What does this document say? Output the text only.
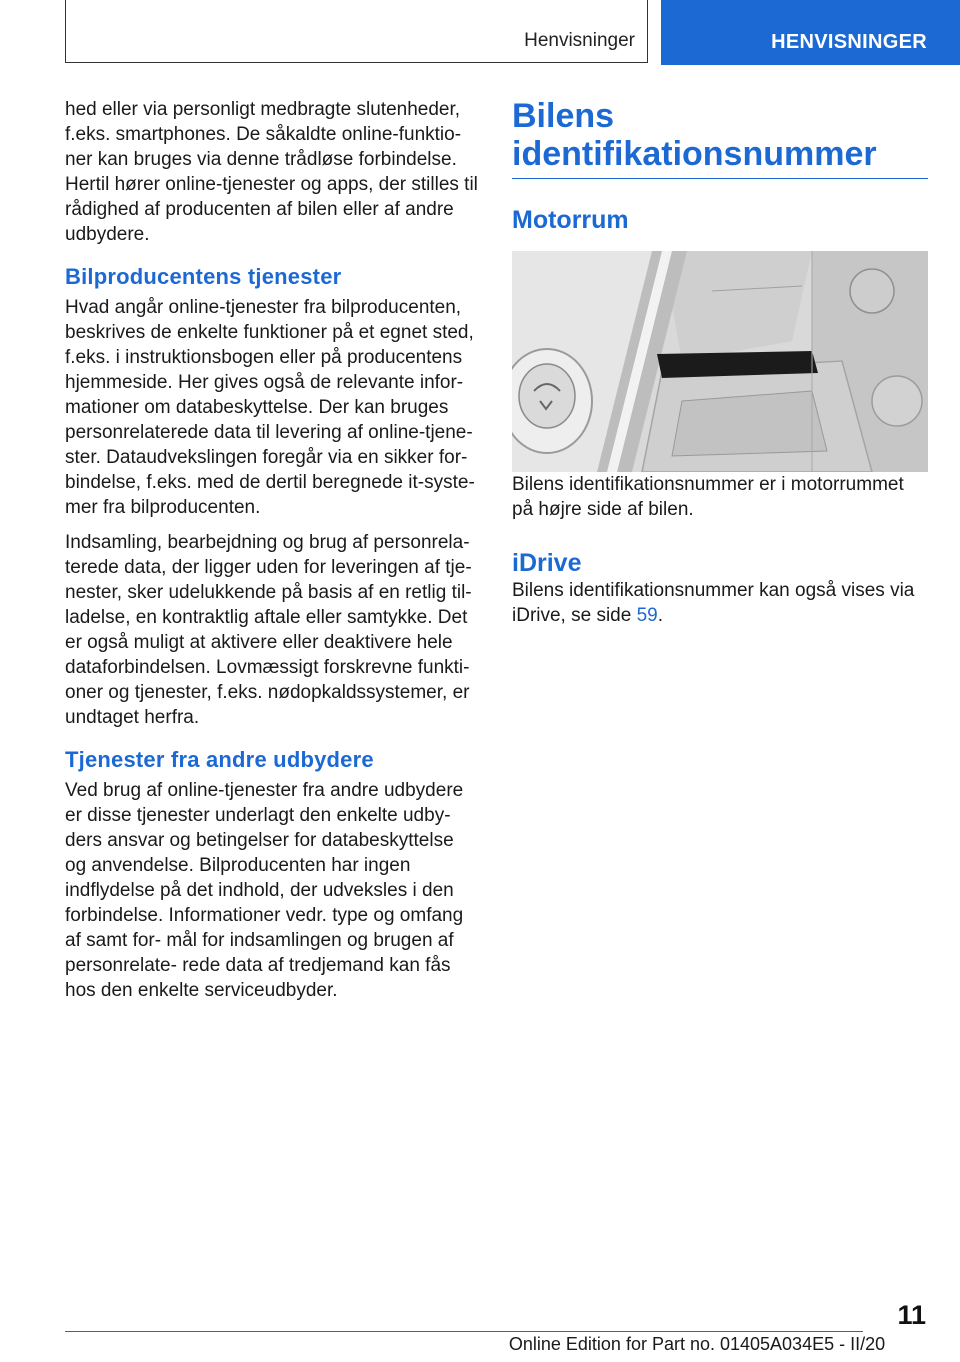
Henvisninger	HENVISNINGER

hed eller via personligt medbragte slutenheder, f.eks. smartphones. De såkaldte online-funktio- ner kan bruges via denne trådløse forbindelse. Hertil hører online-tjenester og apps, der stilles til rådighed af producenten af bilen eller af andre udbydere.

Bilproducentens tjenester

Hvad angår online-tjenester fra bilproducenten, beskrives de enkelte funktioner på et egnet sted, f.eks. i instruktionsbogen eller på producentens hjemmeside. Her gives også de relevante infor- mationer om databeskyttelse. Der kan bruges personrelaterede data til levering af online-tjene- ster. Dataudvekslingen foregår via en sikker for- bindelse, f.eks. med de dertil beregnede it-syste- mer fra bilproducenten.

Indsamling, bearbejdning og brug af personrela- terede data, der ligger uden for leveringen af tje- nester, sker udelukkende på basis af en retlig til- ladelse, en kontraktlig aftale eller samtykke. Det er også muligt at aktivere eller deaktivere hele dataforbindelsen. Lovmæssigt forskrevne funkti- oner og tjenester, f.eks. nødopkaldssystemer, er undtaget herfra.

Tjenester fra andre udbydere

Ved brug af online-tjenester fra andre udbydere er disse tjenester underlagt den enkelte udby- ders ansvar og betingelser for databeskyttelse og anvendelse. Bilproducenten har ingen indflydelse på det indhold, der udveksles i den forbindelse. Informationer vedr. type og omfang af samt for- mål for indsamlingen og brugen af personrelate- rede data af tredjemand kan fås hos den enkelte serviceudbyder.

Bilens identifikationsnummer
Motorrum

Bilens identifikationsnummer er i motorrummet på højre side af bilen.

iDrive

Bilens identifikationsnummer kan også vises via iDrive, se side 59.

11
Online Edition for Part no. 01405A034E5 - II/20
